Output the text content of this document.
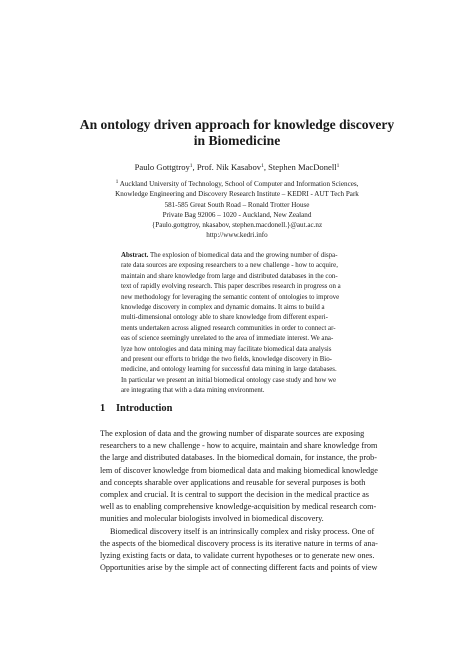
An ontology driven approach for knowledge discovery
in Biomedicine
Paulo Gottgtroy$^1$, Prof. Nik Kasabov$^1$, Stephen MacDonell$^1$
$^1$ Auckland University of Technology, School of Computer and Information Sciences,
Knowledge Engineering and Discovery Research Institute – KEDRI - AUT Tech Park
581-585 Great South Road – Ronald Trotter House
Private Bag 92006 – 1020 - Auckland, New Zealand
{Paulo.gottgtroy, nkasabov, stephen.macdonell.}@aut.ac.nz
http://www.kedri.info
Abstract. The explosion of biomedical data and the growing number of dispa-
rate data sources are exposing researchers to a new challenge - how to acquire,
maintain and share knowledge from large and distributed databases in the con-
text of rapidly evolving research. This paper describes research in progress on a
new methodology for leveraging the semantic content of ontologies to improve
knowledge discovery in complex and dynamic domains. It aims to build a
multi-dimensional ontology able to share knowledge from different experi-
ments undertaken across aligned research communities in order to connect ar-
eas of science seemingly unrelated to the area of immediate interest. We ana-
lyze how ontologies and data mining may facilitate biomedical data analysis
and present our efforts to bridge the two fields, knowledge discovery in Bio-
medicine, and ontology learning for successful data mining in large databases.
In particular we present an initial biomedical ontology case study and how we
are integrating that with a data mining environment.
1 Introduction
The explosion of data and the growing number of disparate sources are exposing
researchers to a new challenge - how to acquire, maintain and share knowledge from
the large and distributed databases. In the biomedical domain, for instance, the prob-
lem of discover knowledge from biomedical data and making biomedical knowledge
and concepts sharable over applications and reusable for several purposes is both
complex and crucial. It is central to support the decision in the medical practice as
well as to enabling comprehensive knowledge-acquisition by medical research com-
munities and molecular biologists involved in biomedical discovery.
Biomedical discovery itself is an intrinsically complex and risky process. One of
the aspects of the biomedical discovery process is its iterative nature in terms of ana-
lyzing existing facts or data, to validate current hypotheses or to generate new ones.
Opportunities arise by the simple act of connecting different facts and points of view
